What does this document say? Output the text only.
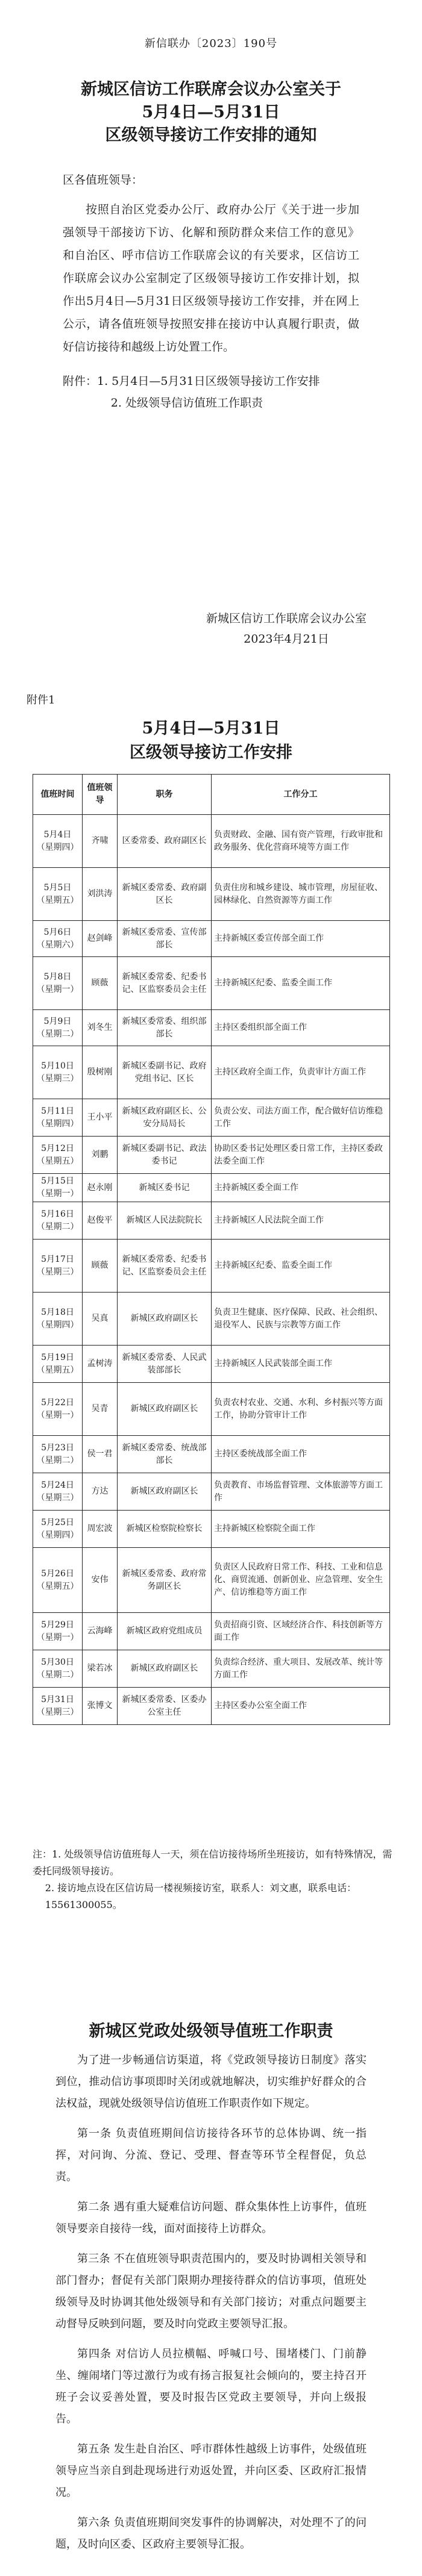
新信联办〔2023〕190号
新城区信访工作联席会议办公室关于
5月4日—5月31日
区级领导接访工作安排的通知
区各值班领导：
按照自治区党委办公厅、政府办公厅《关于进一步加强领导干部接访下访、化解和预防群众来信工作的意见》和自治区、呼市信访工作联席会议的有关要求，区信访工作联席会议办公室制定了区级领导接访工作安排计划，拟作出5月4日—5月31日区级领导接访工作安排，并在网上公示，请各值班领导按照安排在接访中认真履行职责，做好信访接待和越级上访处置工作。
附件：1. 5月4日—5月31日区级领导接访工作安排
2. 处级领导信访值班工作职责
新城区信访工作联席会议办公室
2023年4月21日
附件1
5月4日—5月31日
区级领导接访工作安排
值班时间	值班领导	职务	工作分工

5月4日
（星期四）	齐啸	区委常委、政府副区长	负责财政、金融、国有资产管理，行政审批和政务服务、优化营商环境等方面工作

5月5日
（星期五）	刘洪涛	新城区委常委、政府副区长	负责住房和城乡建设、城市管理，房屋征收、园林绿化、自然资源等方面工作

5月6日
（星期六）	赵剑峰	新城区委常委、宣传部部长	主持新城区委宣传部全面工作

5月8日
（星期一）	顾薇	新城区委常委、纪委书记、区监察委员会主任	主持新城区纪委、监委全面工作

5月9日
（星期二）	刘冬生	新城区委常委、组织部部长	主持区委组织部全面工作

5月10日
（星期三）	殷树刚	新城区委副书记、政府党组书记、区长	主持区政府全面工作，负责审计方面工作

5月11日
（星期四）	王小平	新城区政府副区长、公安分局局长	负责公安、司法方面工作，配合做好信访维稳工作

5月12日
（星期五）	刘鹏	新城区委副书记、政法委书记	协助区委书记处理区委日常工作，主持区委政法委全面工作

5月15日
（星期一）	赵永刚	新城区委书记	主持新城区委全面工作

5月16日
（星期二）	赵俊平	新城区人民法院院长	主持新城区人民法院全面工作

5月17日
（星期三）	顾薇	新城区委常委、纪委书记、区监察委员会主任	主持新城区纪委、监委全面工作

5月18日
（星期四）	吴真	新城区政府副区长	负责卫生健康、医疗保障、民政、社会组织、退役军人、民族与宗教等方面工作

5月19日
（星期五）	孟树涛	新城区委常委、人民武装部部长	主持新城区人民武装部全面工作

5月22日
（星期一）	吴青	新城区政府副区长	负责农村农业、交通、水利、乡村振兴等方面工作，协助分管审计工作

5月23日
（星期二）	侯一君	新城区委常委、统战部部长	主持区委统战部全面工作

5月24日
（星期三）	方达	新城区政府副区长	负责教育、市场监督管理、文体旅游等方面工作

5月25日
（星期四）	周宏波	新城区检察院检察长	主持新城区检察院全面工作

5月26日
（星期五）	安伟	新城区委常委、政府常务副区长	负责区人民政府日常工作、科技、工业和信息化、商贸流通、创新创业、应急管理、安全生产、信访维稳等方面工作

5月29日
（星期一）	云海峰	新城区政府党组成员	负责招商引资、区域经济合作、科技创新等方面工作

5月30日
（星期二）	梁若冰	新城区政府副区长	负责综合经济、重大项目、发展改革、统计等方面工作

5月31日
（星期三）	张博文	新城区委常委、区委办公室主任	主持区委办公室全面工作
注：1. 处级领导信访值班每人一天，须在信访接待场所坐班接访，如有特殊情况，需委托同级领导接访。
2. 接访地点设在区信访局一楼视频接访室，联系人：刘文惠，联系电话：15561300055。
新城区党政处级领导值班工作职责
为了进一步畅通信访渠道，将《党政领导接访日制度》落实到位，推动信访事项即时关闭或就地解决，切实维护好群众的合法权益，现就处级领导信访值班工作职责作如下规定。
第一条 负责值班期间信访接待各环节的总体协调、统一指挥，对问询、分流、登记、受理、督查等环节全程督促，负总责。
第二条 遇有重大疑难信访问题、群众集体性上访事件，值班领导要亲自接待一线，面对面接待上访群众。
第三条 不在值班领导职责范围内的，要及时协调相关领导和部门督办；督促有关部门限期办理接待群众的信访事项，值班处级领导及时协调其他处级领导和有关部门接访；对重点问题要主动督导反映到问题，要及时向党政主要领导汇报。
第四条 对信访人员拉横幅、呼喊口号、围堵楼门、门前静坐、缠闹堵门等过激行为或有扬言报复社会倾向的，要主持召开班子会议妥善处置，要及时报告区党政主要领导，并向上级报告。
第五条 发生赴自治区、呼市群体性越级上访事件，处级值班领导应当亲自到赴现场进行劝返处置，并向区委、区政府汇报情况。
第六条 负责值班期间突发事件的协调解决，对处理不了的问题，及时向区委、区政府主要领导汇报。
